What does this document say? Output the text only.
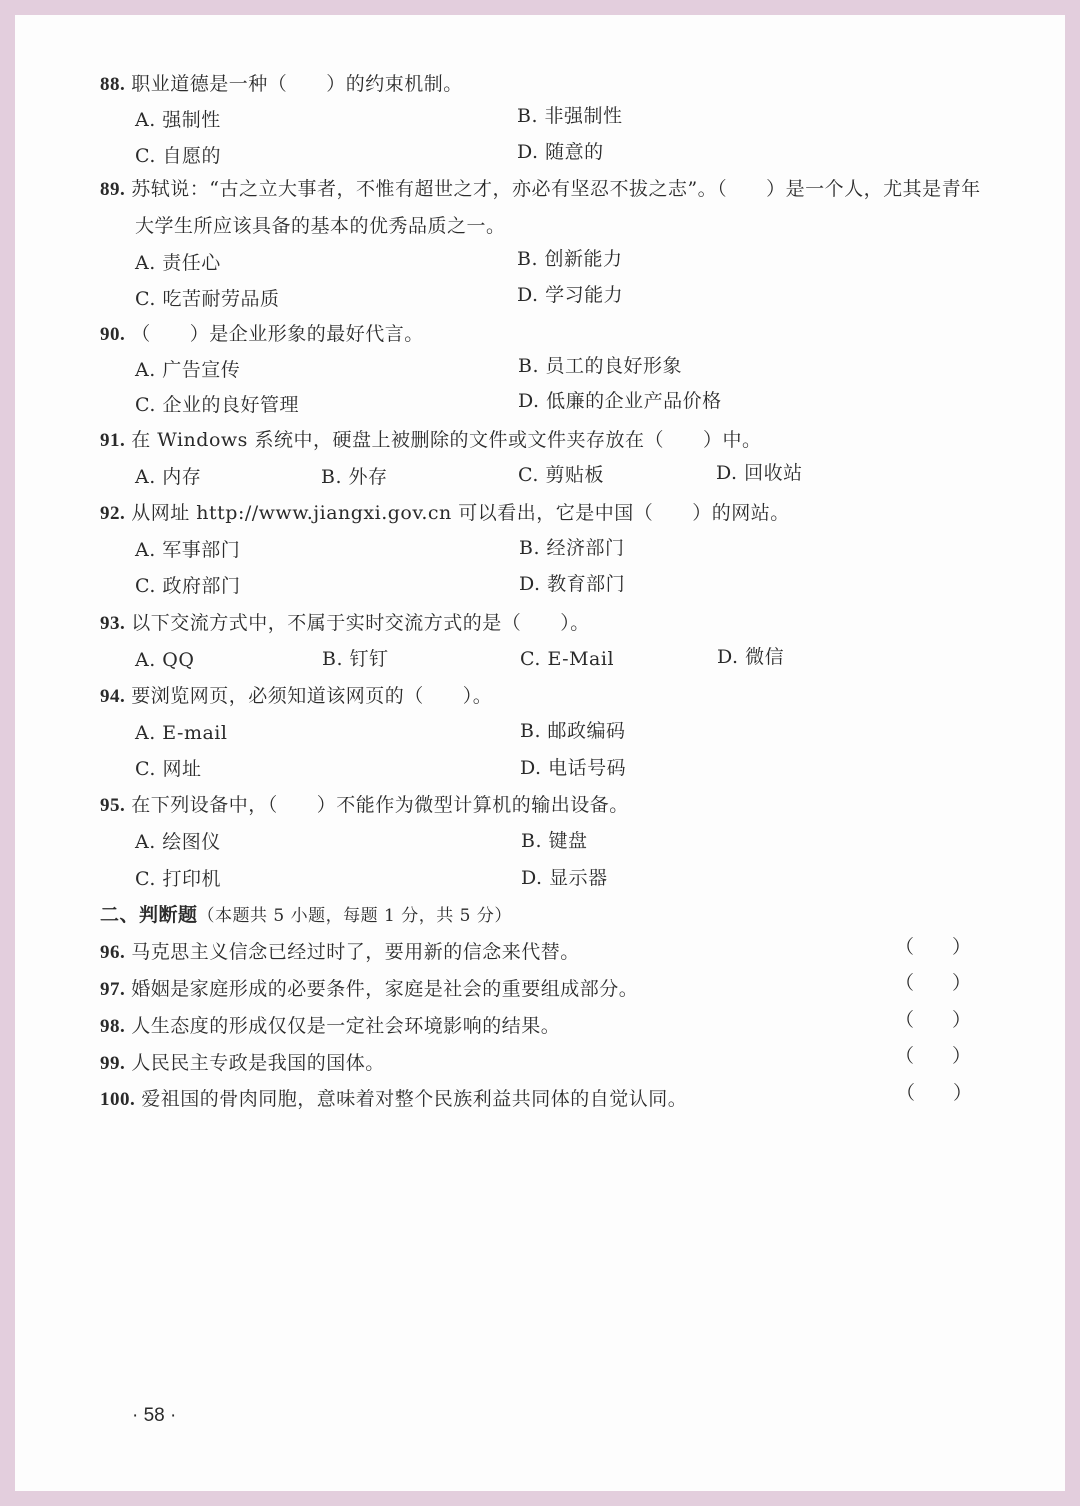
88. 职业道德是一种（　　）的约束机制。
A. 强制性	B. 非强制性
C. 自愿的	D. 随意的
89. 苏轼说：“古之立大事者，不惟有超世之才，亦必有坚忍不拔之志”。（　　）是一个人，尤其是青年
大学生所应该具备的基本的优秀品质之一。
A. 责任心	B. 创新能力
C. 吃苦耐劳品质	D. 学习能力
90. （　　）是企业形象的最好代言。
A. 广告宣传	B. 员工的良好形象
C. 企业的良好管理	D. 低廉的企业产品价格
91. 在 Windows 系统中，硬盘上被删除的文件或文件夹存放在（　　）中。
A. 内存	B. 外存	C. 剪贴板	D. 回收站
92. 从网址 http://www.jiangxi.gov.cn 可以看出，它是中国（　　）的网站。
A. 军事部门	B. 经济部门
C. 政府部门	D. 教育部门
93. 以下交流方式中，不属于实时交流方式的是（　　）。
A. QQ	B. 钉钉	C. E-Mail	D. 微信
94. 要浏览网页，必须知道该网页的（　　）。
A. E-mail	B. 邮政编码
C. 网址	D. 电话号码
95. 在下列设备中，（　　）不能作为微型计算机的输出设备。
A. 绘图仪	B. 键盘
C. 打印机	D. 显示器
二、判断题（本题共 5 小题，每题 1 分，共 5 分）
96. 马克思主义信念已经过时了，要用新的信念来代替。	（　　）
97. 婚姻是家庭形成的必要条件，家庭是社会的重要组成部分。	（　　）
98. 人生态度的形成仅仅是一定社会环境影响的结果。	（　　）
99. 人民民主专政是我国的国体。	（　　）
100. 爱祖国的骨肉同胞，意味着对整个民族利益共同体的自觉认同。	（　　）
· 58 ·
